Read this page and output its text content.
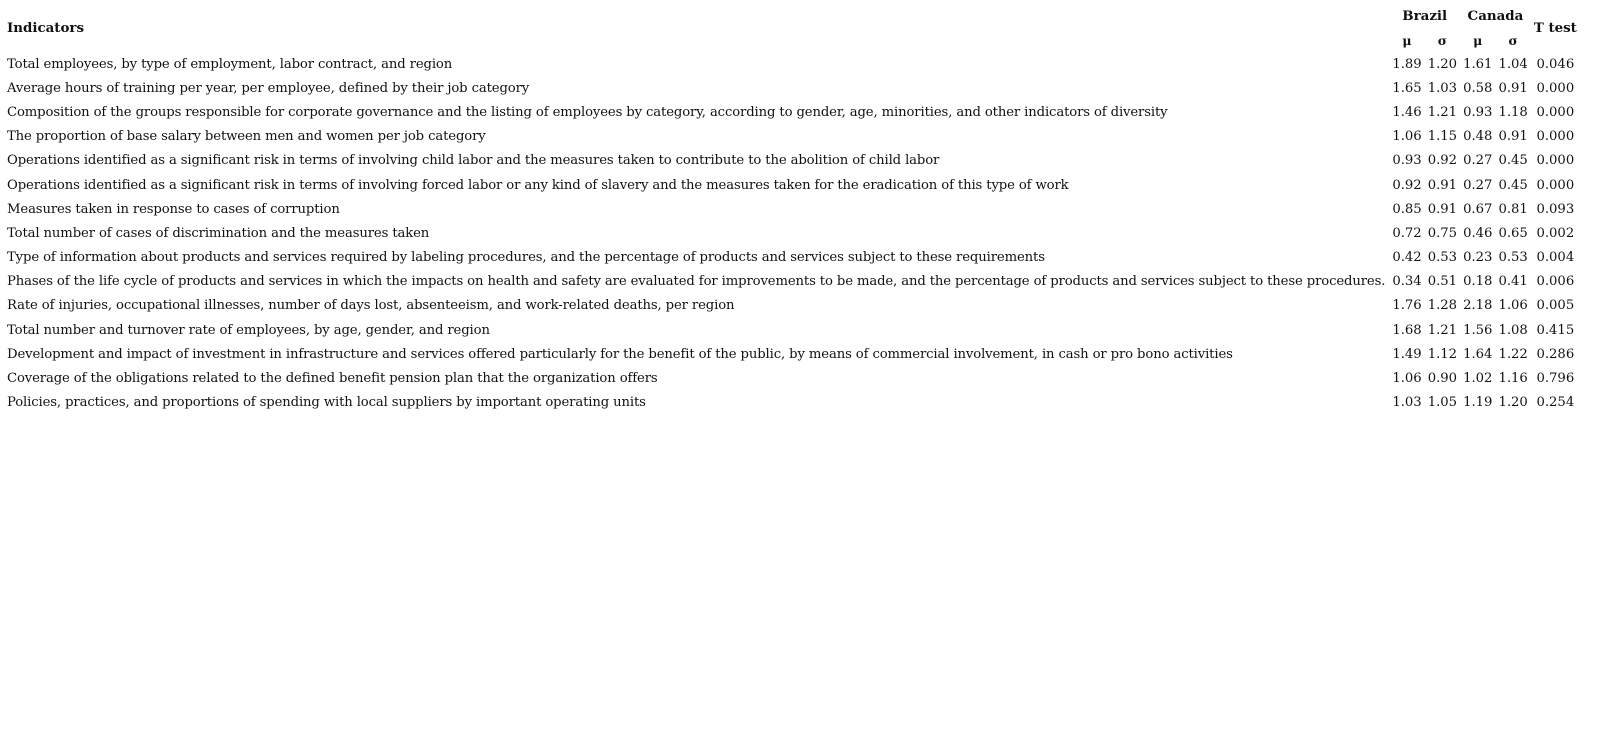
Indicators	Brazil		Canada		T test
	μ	σ	μ	σ	
Total employees, by type of employment, labor contract, and region	1.89	1.20	1.61	1.04	0.046
Average hours of training per year, per employee, defined by their job category	1.65	1.03	0.58	0.91	0.000
Composition of the groups responsible for corporate governance and the listing of employees by category, according to gender, age, minorities, and other indicators of diversity	1.46	1.21	0.93	1.18	0.000
The proportion of base salary between men and women per job category	1.06	1.15	0.48	0.91	0.000
Operations identified as a significant risk in terms of involving child labor and the measures taken to contribute to the abolition of child labor	0.93	0.92	0.27	0.45	0.000
Operations identified as a significant risk in terms of involving forced labor or any kind of slavery and the measures taken for the eradication of this type of work	0.92	0.91	0.27	0.45	0.000
Measures taken in response to cases of corruption	0.85	0.91	0.67	0.81	0.093
Total number of cases of discrimination and the measures taken	0.72	0.75	0.46	0.65	0.002
Type of information about products and services required by labeling procedures, and the percentage of products and services subject to these requirements	0.42	0.53	0.23	0.53	0.004
Phases of the life cycle of products and services in which the impacts on health and safety are evaluated for improvements to be made, and the percentage of products and services subject to these procedures.	0.34	0.51	0.18	0.41	0.006
Rate of injuries, occupational illnesses, number of days lost, absenteeism, and work-related deaths, per region	1.76	1.28	2.18	1.06	0.005
Total number and turnover rate of employees, by age, gender, and region	1.68	1.21	1.56	1.08	0.415
Development and impact of investment in infrastructure and services offered particularly for the benefit of the public, by means of commercial involvement, in cash or pro bono activities	1.49	1.12	1.64	1.22	0.286
Coverage of the obligations related to the defined benefit pension plan that the organization offers	1.06	0.90	1.02	1.16	0.796
Policies, practices, and proportions of spending with local suppliers by important operating units	1.03	1.05	1.19	1.20	0.254
